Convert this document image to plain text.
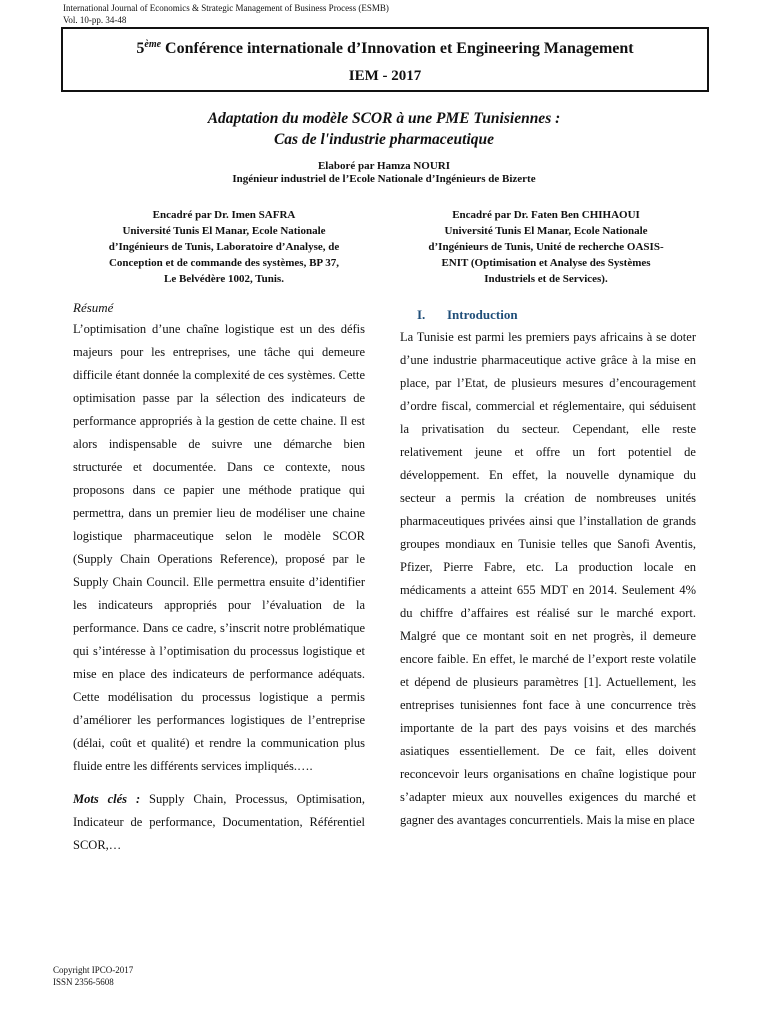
International Journal of Economics & Strategic Management of Business Process (ESMB)
Vol. 10-pp. 34-48
5ème Conférence internationale d’Innovation et Engineering Management
IEM - 2017
Adaptation du modèle SCOR à une PME Tunisiennes :
Cas de l'industrie pharmaceutique
Elaboré par Hamza NOURI
Ingénieur industriel de l’Ecole Nationale d’Ingénieurs de Bizerte
Encadré par Dr. Imen SAFRA
Université Tunis El Manar, Ecole Nationale
d’Ingénieurs de Tunis, Laboratoire d’Analyse, de
Conception et de commande des systèmes, BP 37,
Le Belvédère 1002, Tunis.
Encadré par Dr. Faten Ben CHIHAOUI
Université Tunis El Manar, Ecole Nationale
d’Ingénieurs de Tunis, Unité de recherche OASIS-
ENIT (Optimisation et Analyse des Systèmes
Industriels et de Services).
Résumé

L’optimisation d’une chaîne logistique est un des défis majeurs pour les entreprises, une tâche qui demeure difficile étant donnée la complexité de ces systèmes. Cette optimisation passe par la sélection des indicateurs de performance appropriés à la gestion de cette chaine. Il est alors indispensable de suivre une démarche bien structurée et documentée. Dans ce contexte, nous proposons dans ce papier une méthode pratique qui permettra, dans un premier lieu de modéliser une chaine logistique pharmaceutique selon le modèle SCOR (Supply Chain Operations Reference), proposé par le Supply Chain Council. Elle permettra ensuite d’identifier les indicateurs appropriés pour l’évaluation de la performance. Dans ce cadre, s’inscrit notre problématique qui s’intéresse à l’optimisation du processus logistique et mise en place des indicateurs de performance adéquats. Cette modélisation du processus logistique a permis d’améliorer les performances logistiques de l’entreprise (délai, coût et qualité) et rendre la communication plus fluide entre les différents services impliqués.….

Mots clés : Supply Chain, Processus, Optimisation, Indicateur de performance, Documentation, Référentiel SCOR,…

I. Introduction

La Tunisie est parmi les premiers pays africains à se doter d’une industrie pharmaceutique active grâce à la mise en place, par l’Etat, de plusieurs mesures d’encouragement d’ordre fiscal, commercial et réglementaire, qui séduisent la privatisation du secteur. Cependant, elle reste relativement jeune et offre un fort potentiel de développement. En effet, la nouvelle dynamique du secteur a permis la création de nombreuses unités pharmaceutiques privées ainsi que l’installation de grands groupes mondiaux en Tunisie telles que Sanofi Aventis, Pfizer, Pierre Fabre, etc. La production locale en médicaments a atteint 655 MDT en 2014. Seulement 4% du chiffre d’affaires est réalisé sur le marché export. Malgré que ce montant soit en net progrès, il demeure encore faible. En effet, le marché de l’export reste volatile et dépend de plusieurs paramètres [1]. Actuellement, les entreprises tunisiennes font face à une concurrence très importante de la part des pays voisins et des marchés asiatiques essentiellement. De ce fait, elles doivent reconcevoir leurs organisations en chaîne logistique pour s’adapter mieux aux nouvelles exigences du marché et gagner des avantages concurrentiels. Mais la mise en place

Copyright IPCO-2017
ISSN 2356-5608
